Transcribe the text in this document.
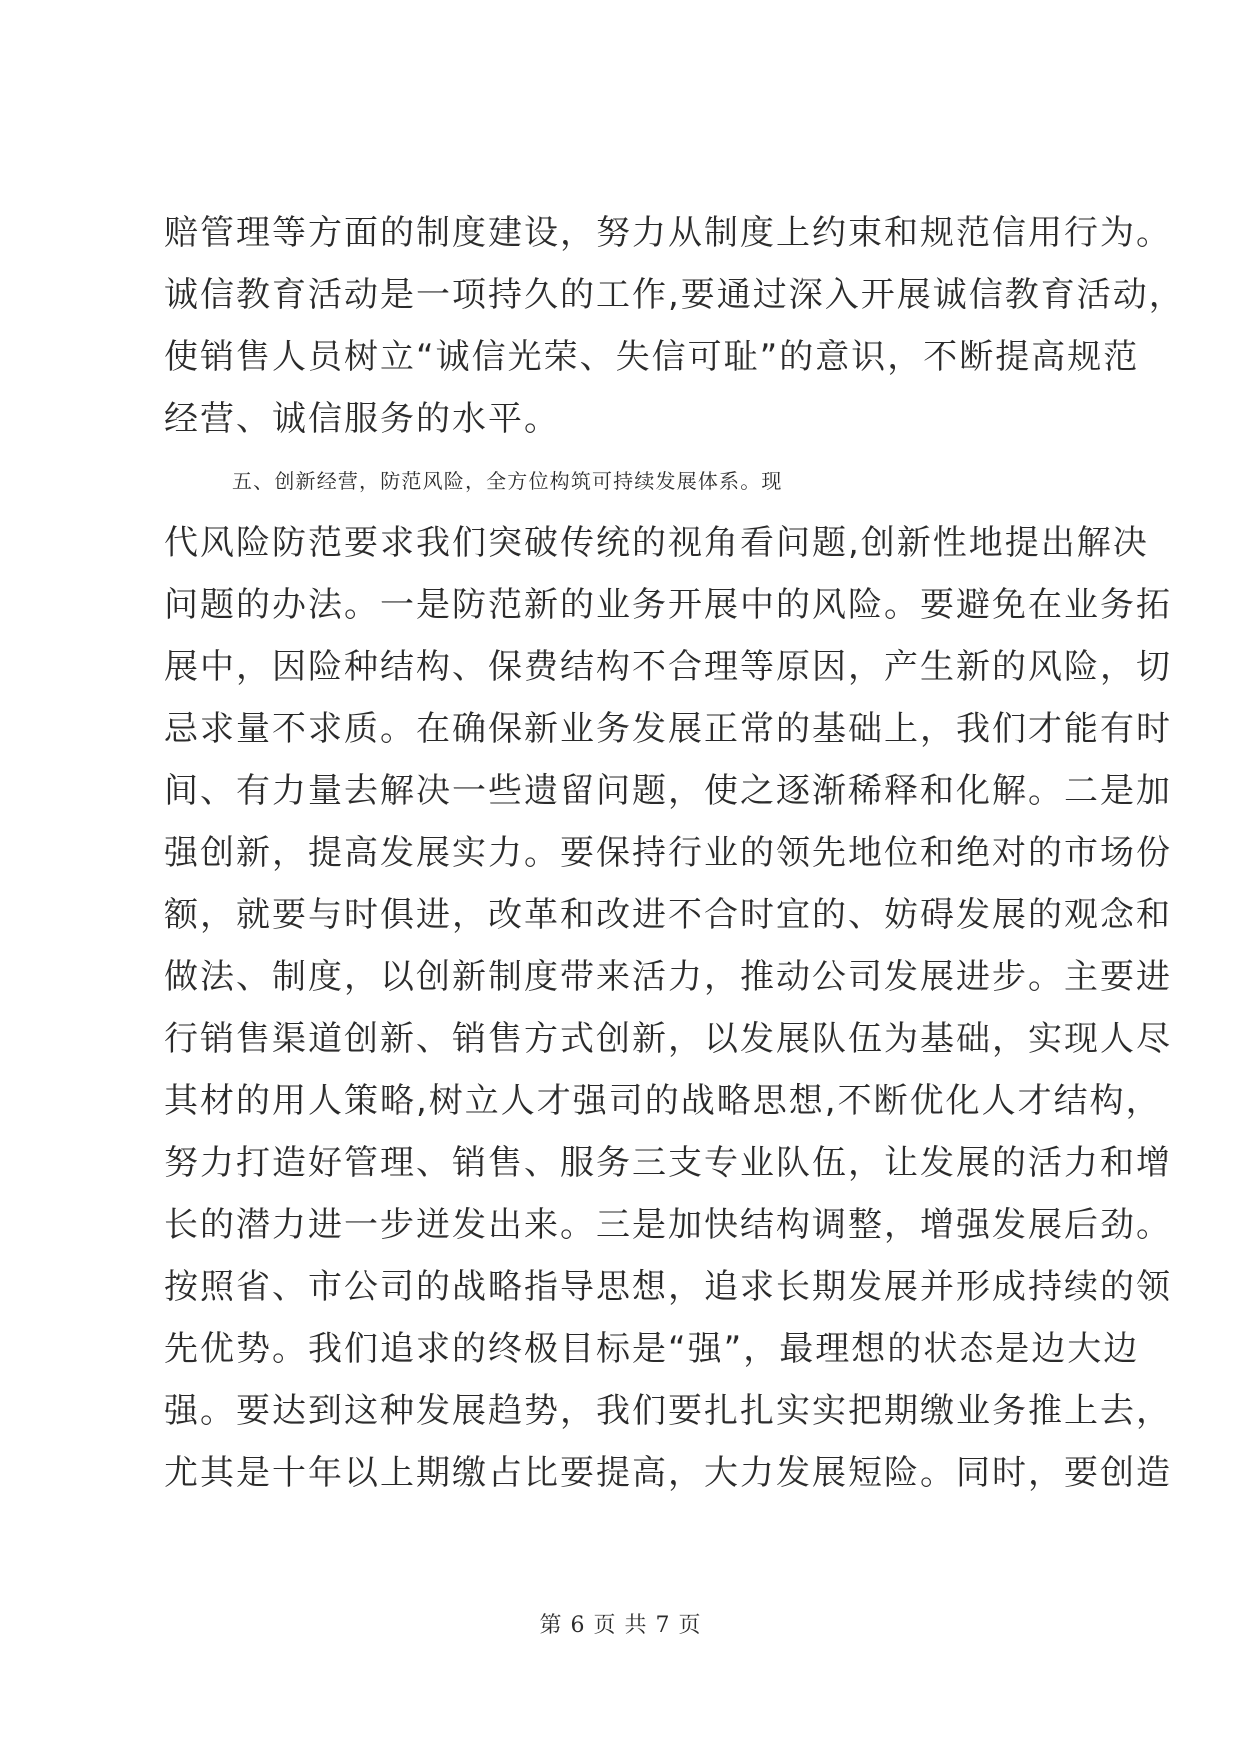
赔管理等方面的制度建设，努力从制度上约束和规范信用行为。
诚信教育活动是一项持久的工作,要通过深入开展诚信教育活动，
使销售人员树立“诚信光荣、失信可耻”的意识，不断提高规范
经营、诚信服务的水平。
五、创新经营，防范风险，全方位构筑可持续发展体系。现
代风险防范要求我们突破传统的视角看问题,创新性地提出解决
问题的办法。一是防范新的业务开展中的风险。要避免在业务拓
展中，因险种结构、保费结构不合理等原因，产生新的风险，切
忌求量不求质。在确保新业务发展正常的基础上，我们才能有时
间、有力量去解决一些遗留问题，使之逐渐稀释和化解。二是加
强创新，提高发展实力。要保持行业的领先地位和绝对的市场份
额，就要与时俱进，改革和改进不合时宜的、妨碍发展的观念和
做法、制度，以创新制度带来活力，推动公司发展进步。主要进
行销售渠道创新、销售方式创新，以发展队伍为基础，实现人尽
其材的用人策略,树立人才强司的战略思想,不断优化人才结构，
努力打造好管理、销售、服务三支专业队伍，让发展的活力和增
长的潜力进一步迸发出来。三是加快结构调整，增强发展后劲。
按照省、市公司的战略指导思想，追求长期发展并形成持续的领
先优势。我们追求的终极目标是“强”，最理想的状态是边大边
强。要达到这种发展趋势，我们要扎扎实实把期缴业务推上去，
尤其是十年以上期缴占比要提高，大力发展短险。同时，要创造
第 6 页 共 7 页
